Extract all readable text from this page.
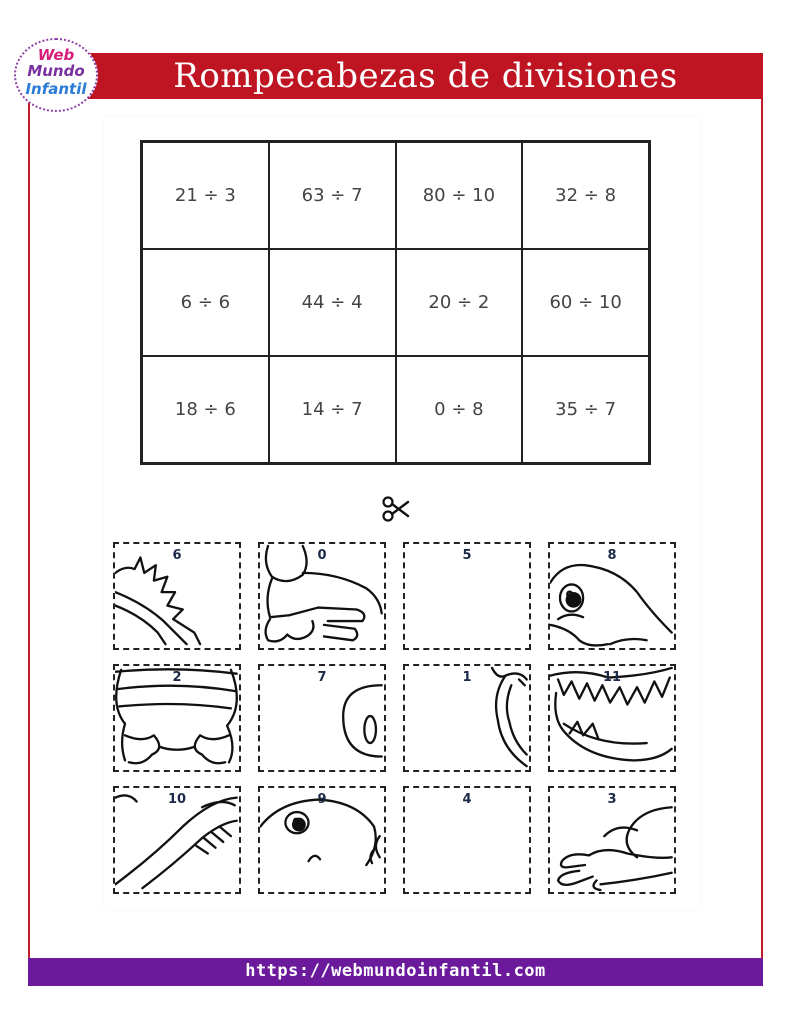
Rompecabezas de divisiones
Web
Mundo
Infantil
21 ÷ 3	63 ÷ 7	80 ÷ 10	32 ÷ 8
6 ÷ 6	44 ÷ 4	20 ÷ 2	60 ÷ 10
18 ÷ 6	14 ÷ 7	0 ÷ 8	35 ÷ 7
6	0	5	8
2	7	1	11
10	9	4	3
https://webmundoinfantil.com
